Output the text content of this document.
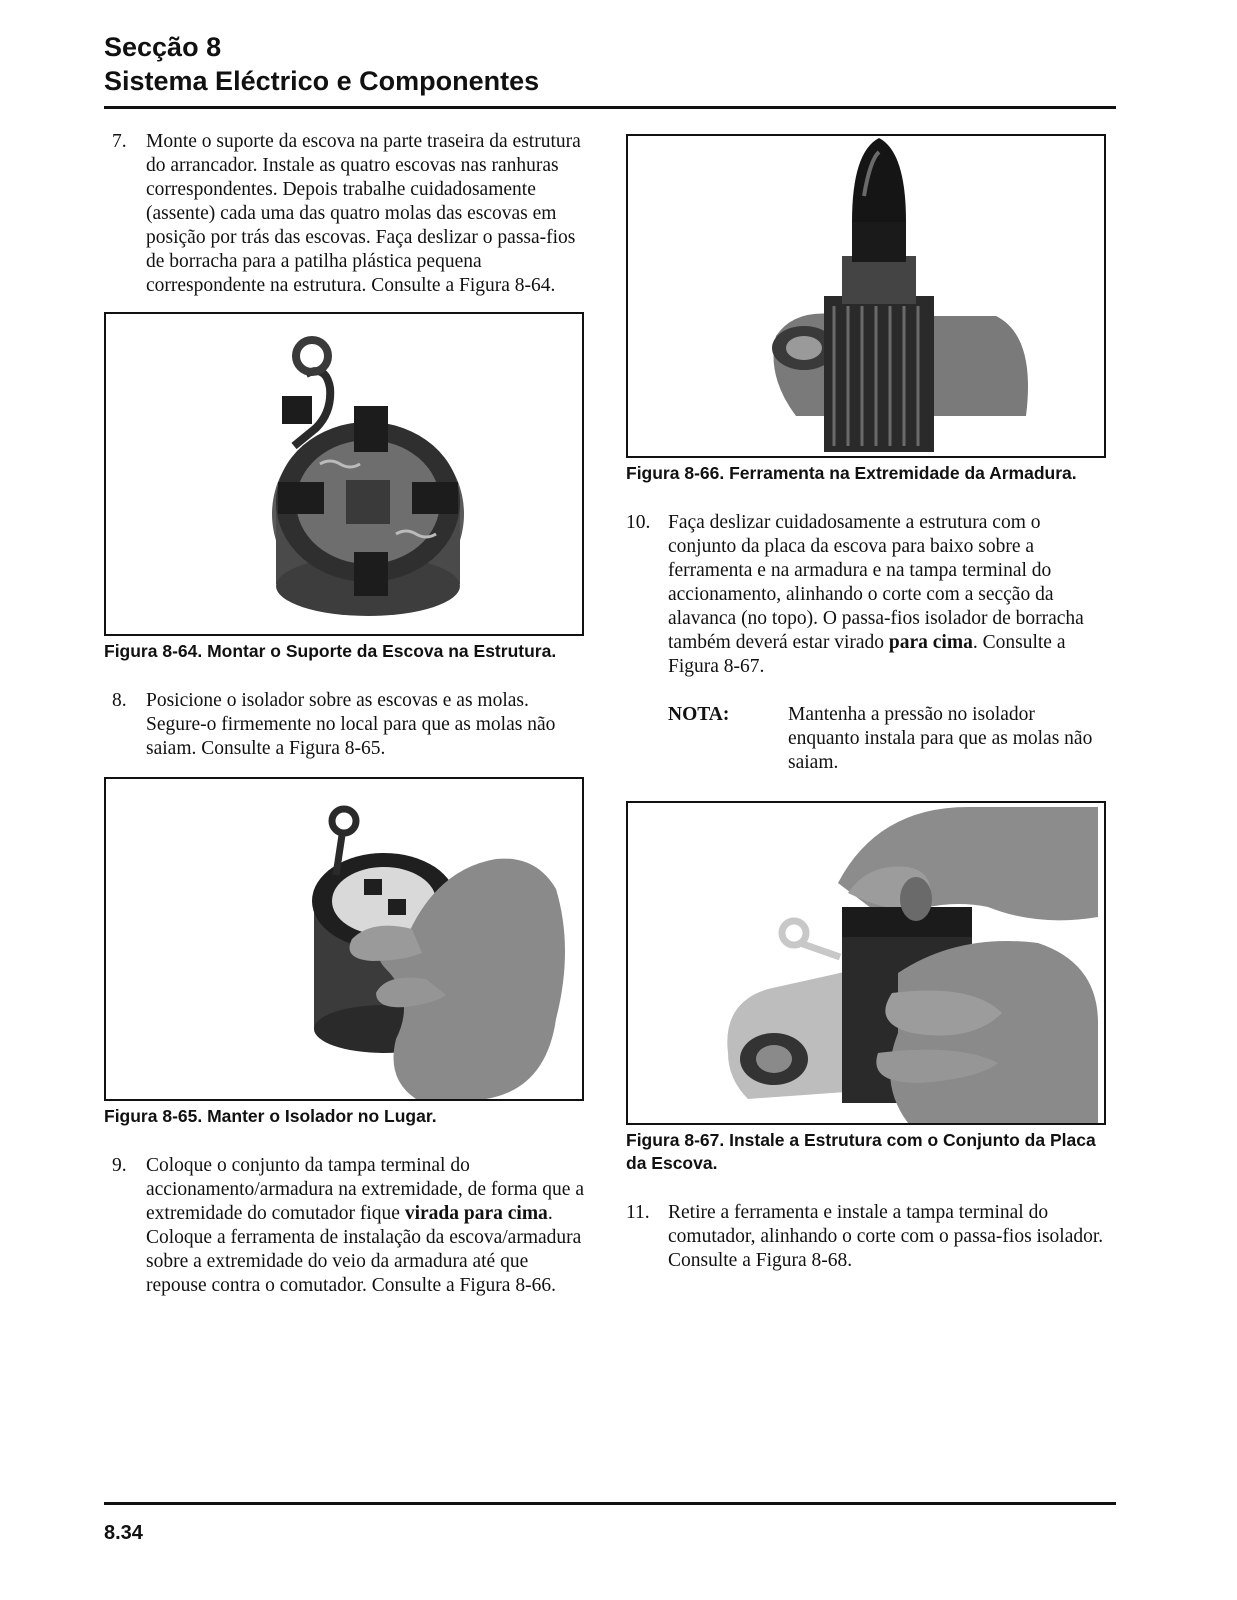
Secção 8
Sistema Eléctrico e Componentes
7. Monte o suporte da escova na parte traseira da estrutura do arrancador. Instale as quatro escovas nas ranhuras correspondentes. Depois trabalhe cuidadosamente (assente) cada uma das quatro molas das escovas em posição por trás das escovas. Faça deslizar o passa-fios de borracha para a patilha plástica pequena correspondente na estrutura. Consulte a Figura 8-64.
Figura 8-64. Montar o Suporte da Escova na Estrutura.
8. Posicione o isolador sobre as escovas e as molas. Segure-o firmemente no local para que as molas não saiam. Consulte a Figura 8-65.
Figura 8-65. Manter o Isolador no Lugar.
9. Coloque o conjunto da tampa terminal do accionamento/armadura na extremidade, de forma que a extremidade do comutador fique virada para cima. Coloque a ferramenta de instalação da escova/armadura sobre a extremidade do veio da armadura até que repouse contra o comutador. Consulte a Figura 8-66.
Figura 8-66. Ferramenta na Extremidade da Armadura.
10. Faça deslizar cuidadosamente a estrutura com o conjunto da placa da escova para baixo sobre a ferramenta e na armadura e na tampa terminal do accionamento, alinhando o corte com a secção da alavanca (no topo). O passa-fios isolador de borracha também deverá estar virado para cima. Consulte a Figura 8-67.
NOTA:	Mantenha a pressão no isolador enquanto instala para que as molas não saiam.
Figura 8-67. Instale a Estrutura com o Conjunto da Placa da Escova.
11. Retire a ferramenta e instale a tampa terminal do comutador, alinhando o corte com o passa-fios isolador. Consulte a Figura 8-68.
8.34
